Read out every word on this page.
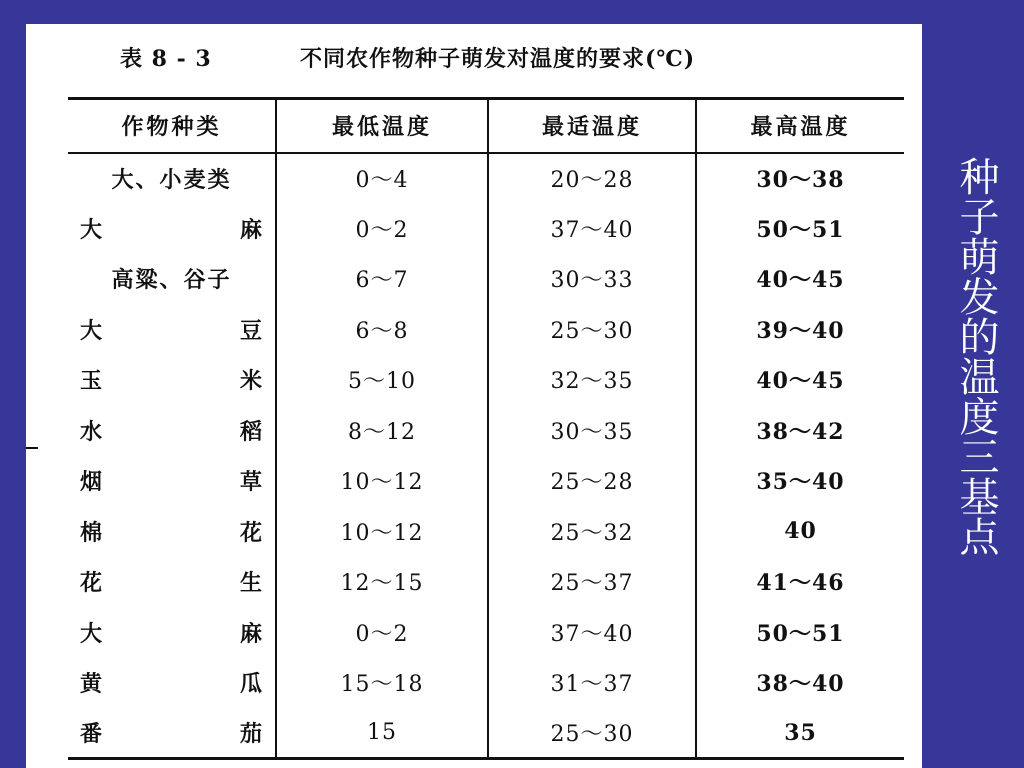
表 8 - 3	不同农作物种子萌发对温度的要求(℃)
作物种类	最低温度	最适温度	最高温度

大、小麦类	0～4	20～28	30～38

大 麻	0～2	37～40	50～51

高粱、谷子	6～7	30～33	40～45

大 豆	6～8	25～30	39～40

玉 米	5～10	32～35	40～45

水 稻	8～12	30～35	38～42

烟 草	10～12	25～28	35～40

棉 花	10～12	25～32	40

花 生	12～15	25～37	41～46

大 麻	0～2	37～40	50～51

黄 瓜	15～18	31～37	38～40

番 茄	15	25～30	35
种子萌发的温度三基点
